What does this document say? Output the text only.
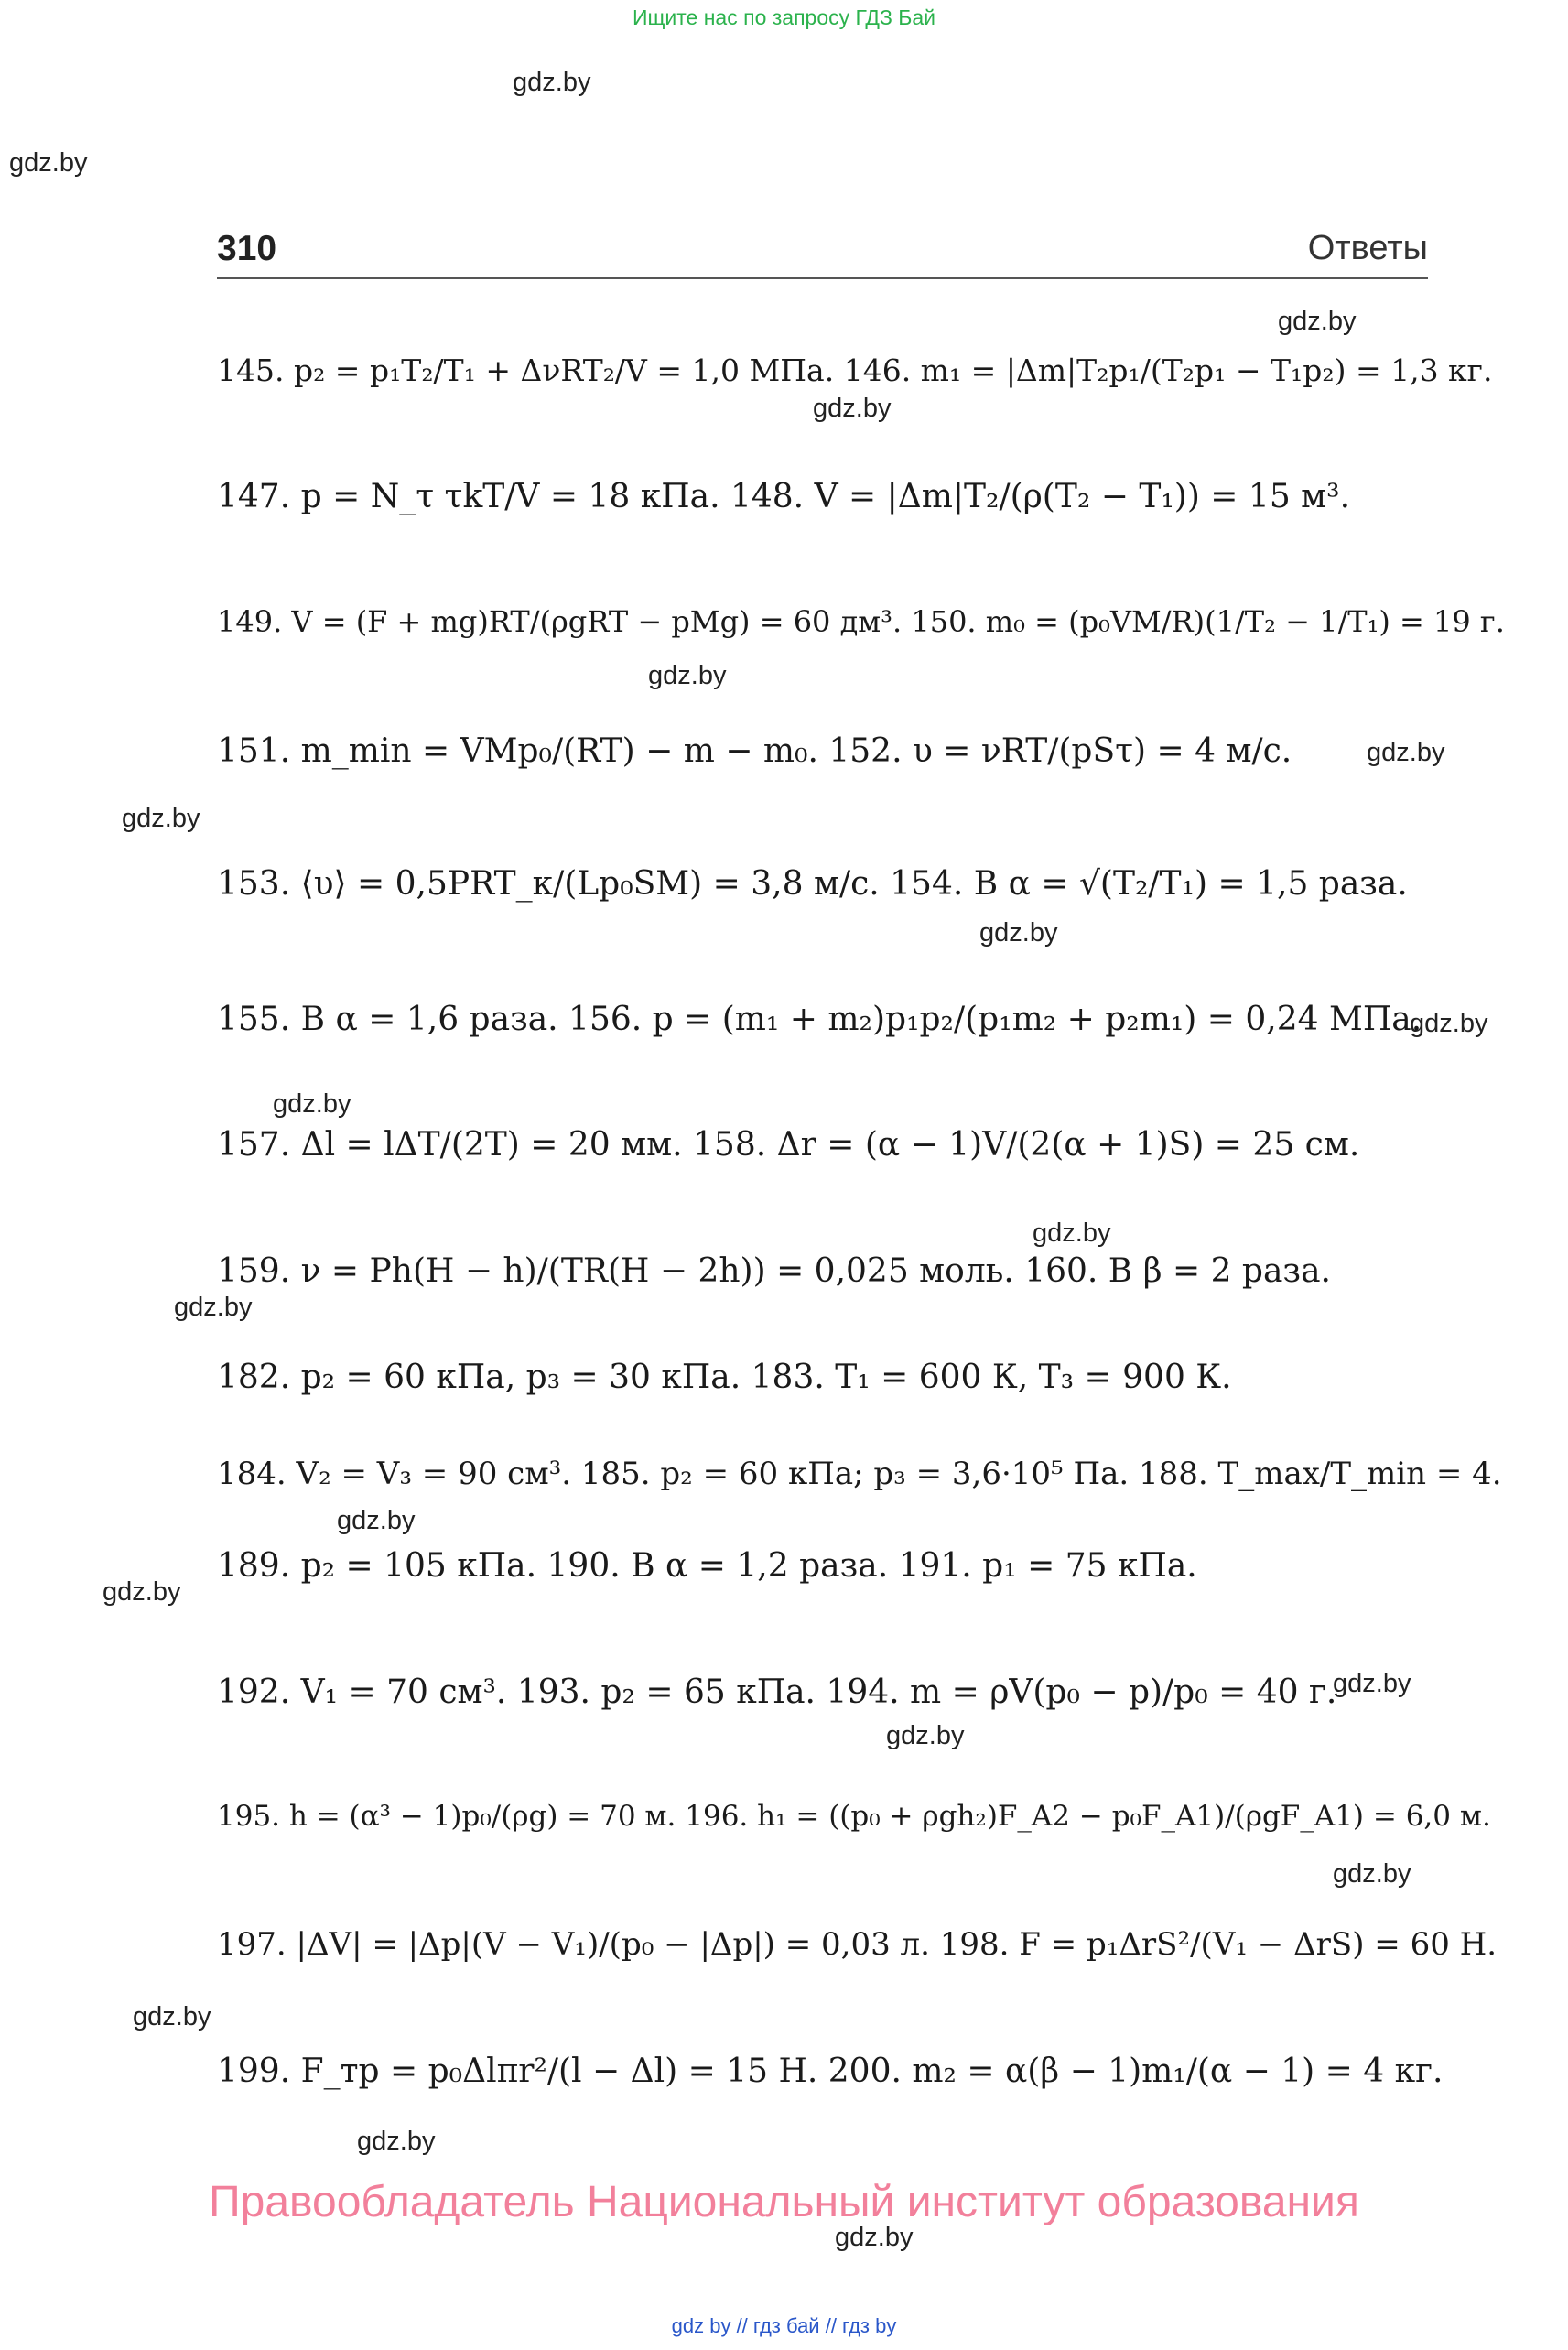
Ищите нас по запросу ГДЗ Бай
gdz.by
gdz.by
gdz.by
gdz.by
gdz.by
gdz.by
gdz.by
gdz.by
gdz.by
gdz.by
gdz.by
gdz.by
gdz.by
gdz.by
gdz.by
gdz.by
gdz.by
gdz.by
gdz.by
gdz.by
310	Ответы
145. p₂ = p₁T₂/T₁ + ΔνRT₂/V = 1,0 МПа. 146. m₁ = |Δm|T₂p₁/(T₂p₁ − T₁p₂) = 1,3 кг.
147. p = N_τ τkT/V = 18 кПа. 148. V = |Δm|T₂/(ρ(T₂ − T₁)) = 15 м³.
149. V = (F + mg)RT/(ρgRT − pMg) = 60 дм³. 150. m₀ = (p₀VM/R)(1/T₂ − 1/T₁) = 19 г.
151. m_min = VMp₀/(RT) − m − m₀. 152. υ = νRT/(pSτ) = 4 м/с.
153. ⟨υ⟩ = 0,5PRT_к/(Lp₀SM) = 3,8 м/с. 154. В α = √(T₂/T₁) = 1,5 раза.
155. В α = 1,6 раза. 156. p = (m₁ + m₂)p₁p₂/(p₁m₂ + p₂m₁) = 0,24 МПа.
157. Δl = lΔT/(2T) = 20 мм. 158. Δr = (α − 1)V/(2(α + 1)S) = 25 см.
159. ν = Ph(H − h)/(TR(H − 2h)) = 0,025 моль. 160. В β = 2 раза.
182. p₂ = 60 кПа, p₃ = 30 кПа. 183. T₁ = 600 К, T₃ = 900 К.
184. V₂ = V₃ = 90 см³. 185. p₂ = 60 кПа; p₃ = 3,6·10⁵ Па. 188. T_max/T_min = 4.
189. p₂ = 105 кПа. 190. В α = 1,2 раза. 191. p₁ = 75 кПа.
192. V₁ = 70 см³. 193. p₂ = 65 кПа. 194. m = ρV(p₀ − p)/p₀ = 40 г.
195. h = (α³ − 1)p₀/(ρg) = 70 м. 196. h₁ = ((p₀ + ρgh₂)F_A2 − p₀F_A1)/(ρgF_A1) = 6,0 м.
197. |ΔV| = |Δp|(V − V₁)/(p₀ − |Δp|) = 0,03 л. 198. F = p₁ΔrS²/(V₁ − ΔrS) = 60 Н.
199. F_тр = p₀Δlπr²/(l − Δl) = 15 Н. 200. m₂ = α(β − 1)m₁/(α − 1) = 4 кг.
Правообладатель Национальный институт образования
gdz by // гдз бай // гдз by
